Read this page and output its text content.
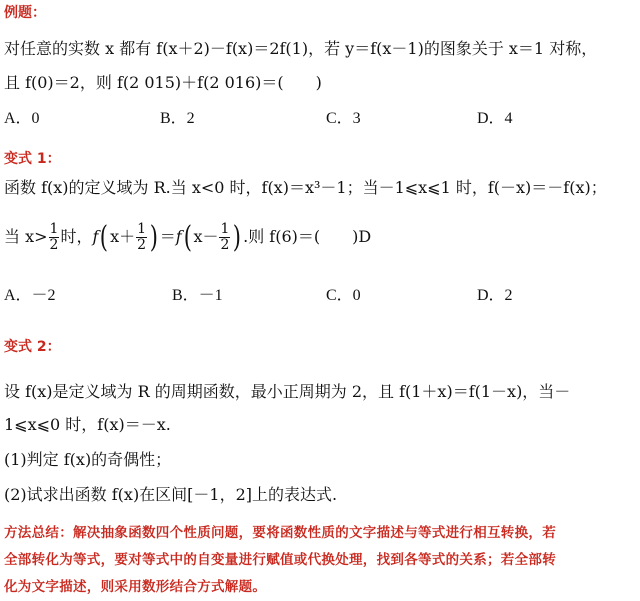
例题：
对任意的实数 x 都有 f(x＋2)－f(x)＝2f(1)，若 y＝f(x－1)的图象关于 x＝1 对称，
且 f(0)＝2，则 f(2 015)＋f(2 016)＝(　　)
A．0	B．2	C．3	D．4
变式 1：
函数 f(x)的定义域为 R.当 x<0 时，f(x)＝x³－1；当－1⩽x⩽1 时，f(－x)＝－f(x)；
当 $x> \frac{1}{2}$ 时，f( $x+ \frac{1}{2}$ ) ＝f( $x- \frac{1}{2}$ ) .则 f(6)＝(　　)D
A．－2	B．－1	C．0	D．2
变式 2：
设 f(x)是定义域为 R 的周期函数，最小正周期为 2，且 f(1＋x)＝f(1－x)，当－
1⩽x⩽0 时，f(x)＝－x.
(1)判定 f(x)的奇偶性；
(2)试求出函数 f(x)在区间[－1，2]上的表达式.
方法总结：解决抽象函数四个性质问题，要将函数性质的文字描述与等式进行相互转换，若
全部转化为等式，要对等式中的自变量进行赋值或代换处理，找到各等式的关系；若全部转
化为文字描述，则采用数形结合方式解题。
